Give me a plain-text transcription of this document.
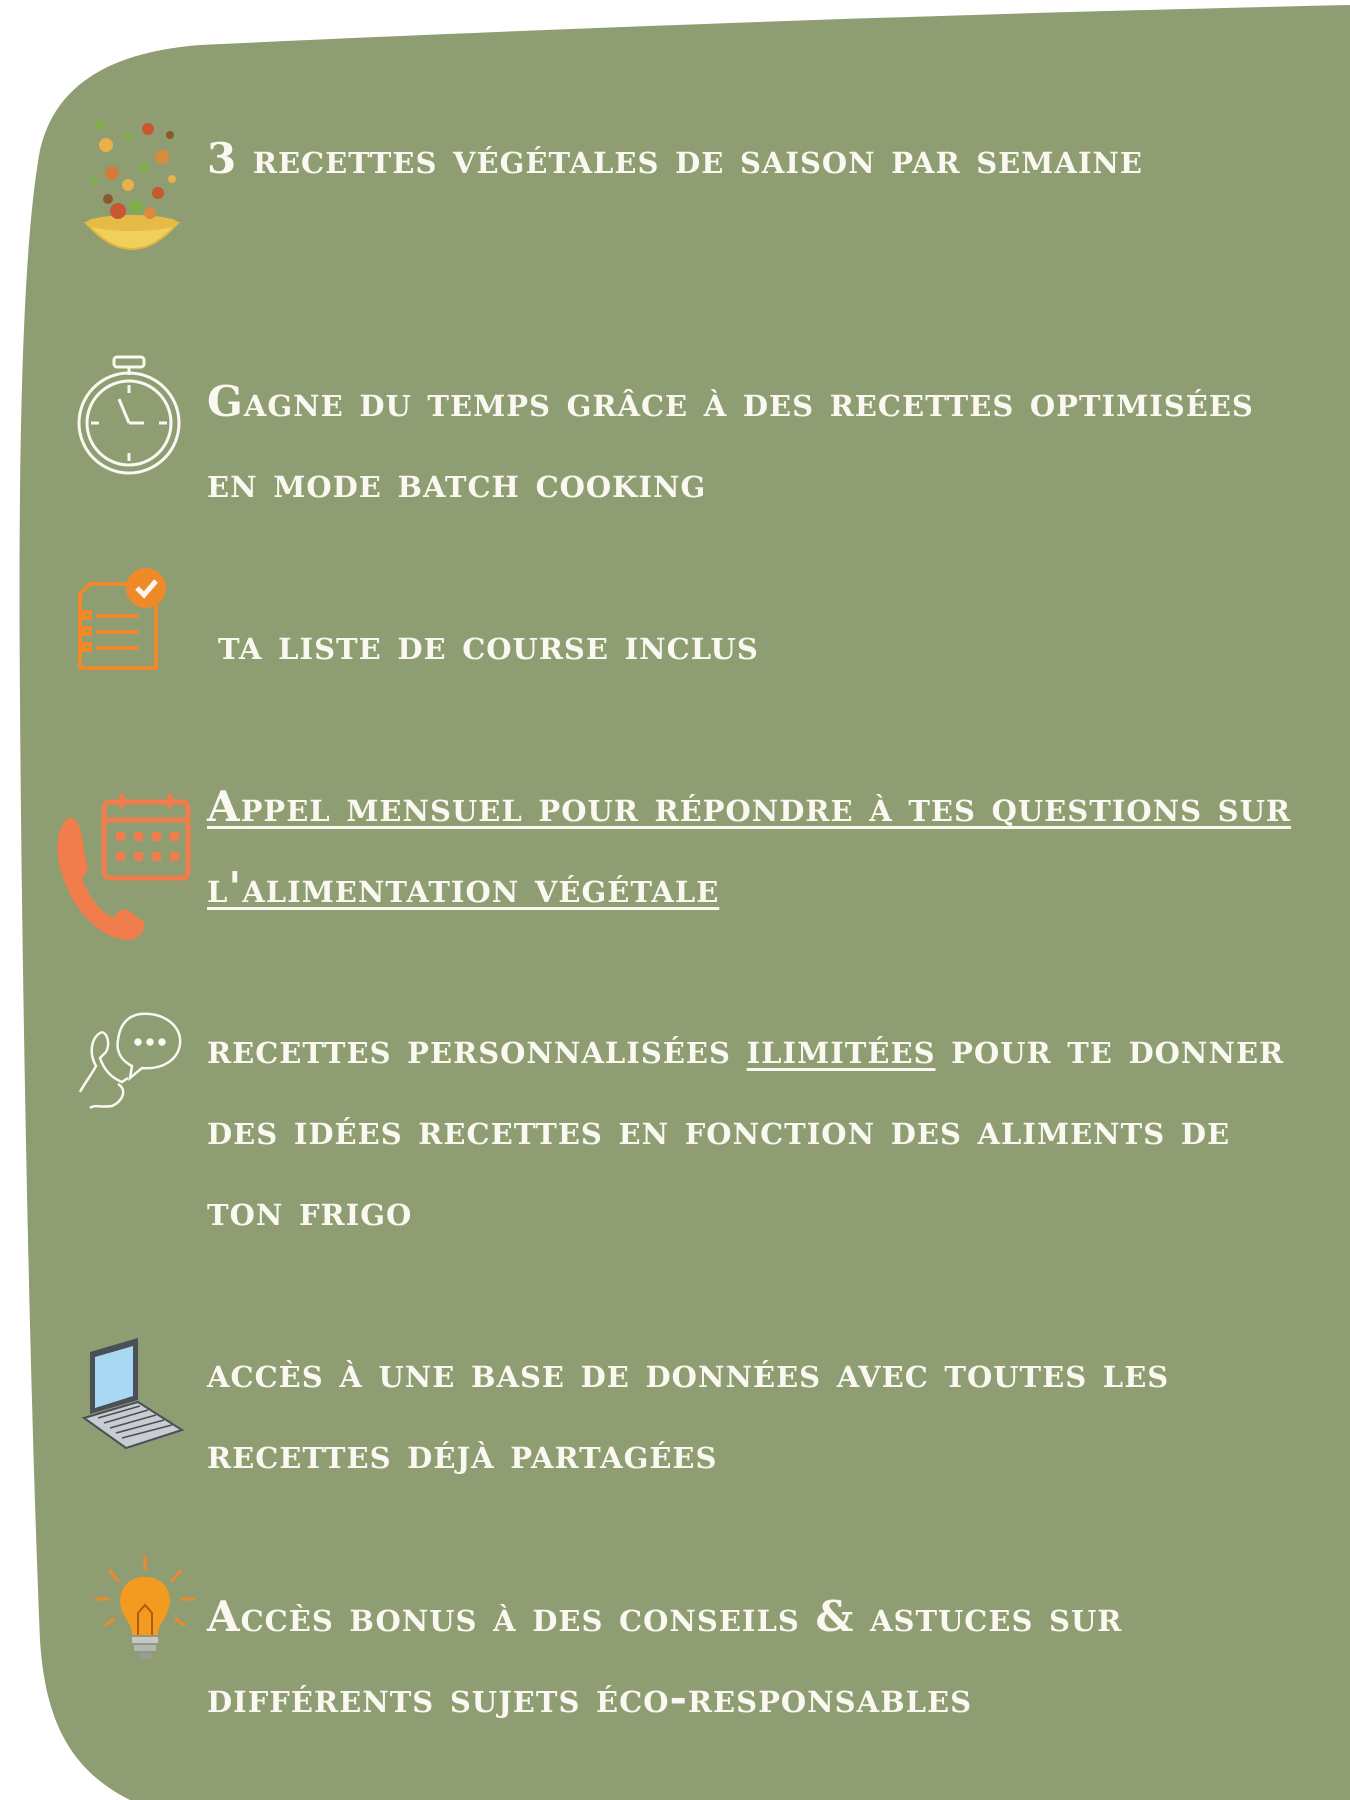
3 recettes végétales de saison par semaine
Gagne du temps grâce à des recettes optimisées en mode batch cooking
ta liste de course inclus
Appel mensuel pour répondre à tes questions sur l'alimentation végétale
recettes personnalisées ilimitées pour te donner des idées recettes en fonction des aliments de ton frigo
accès à une base de données avec toutes les recettes déjà partagées
Accès bonus à des conseils & astuces sur différents sujets éco-responsables
